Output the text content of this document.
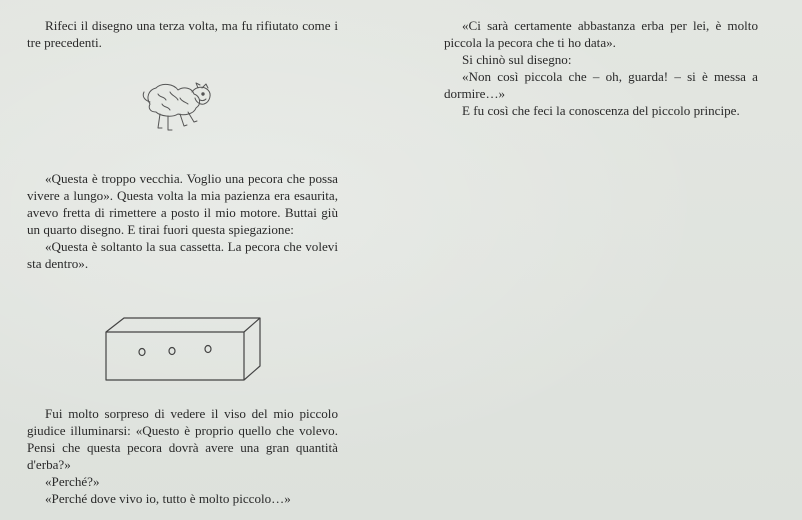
Rifeci il disegno una terza volta, ma fu rifiutato come i tre precedenti.

«Questa è troppo vecchia. Voglio una pecora che possa vivere a lungo». Questa volta la mia pazienza era esaurita, avevo fretta di rimettere a posto il mio motore. Buttai giù un quarto disegno. E tirai fuori questa spiegazione:

«Questa è soltanto la sua cassetta. La pecora che volevi sta dentro».

Fui molto sorpreso di vedere il viso del mio piccolo giudice illuminarsi: «Questo è proprio quello che volevo. Pensi che questa pecora dovrà avere una gran quantità d'erba?»

«Perché?»

«Perché dove vivo io, tutto è molto piccolo…»

«Ci sarà certamente abbastanza erba per lei, è molto piccola la pecora che ti ho data».

Si chinò sul disegno:

«Non così piccola che – oh, guarda! – si è messa a dormire…»

E fu così che feci la conoscenza del piccolo principe.
